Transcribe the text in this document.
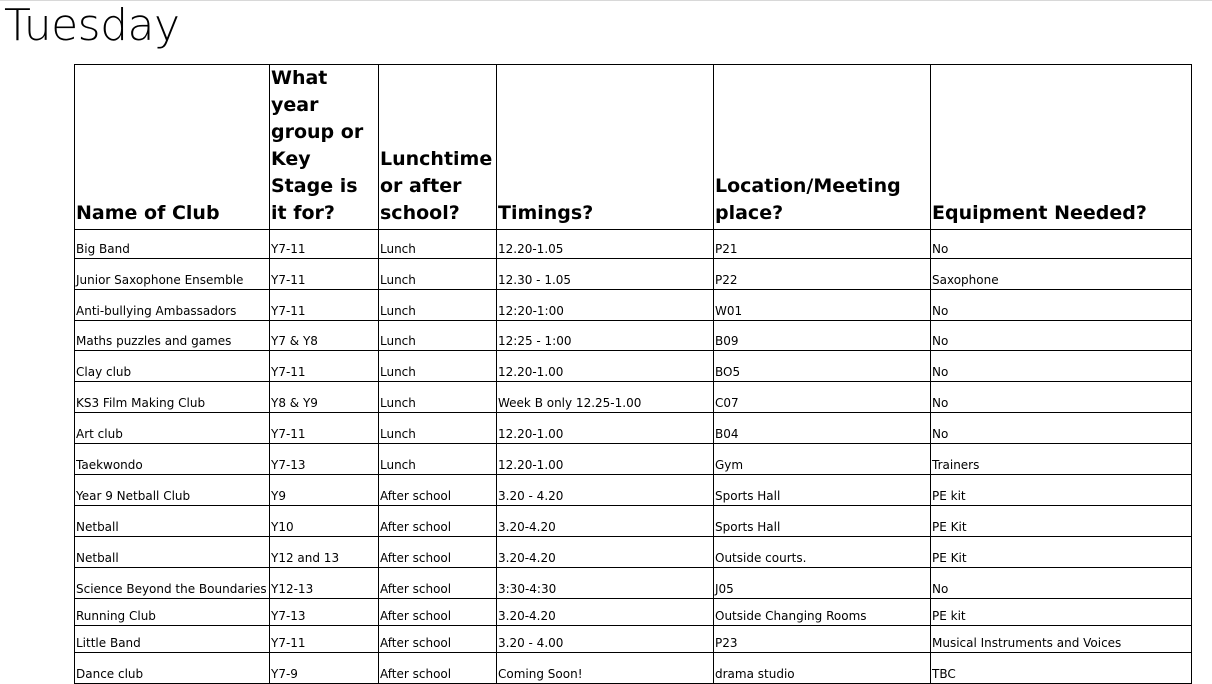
Tuesday
Name of Club	What year group or Key Stage is it for?	Lunchtime or after school?	Timings?	Location/Meeting place?	Equipment Needed?
Big Band	Y7-11	Lunch	12.20-1.05	P21	No
Junior Saxophone Ensemble	Y7-11	Lunch	12.30 - 1.05	P22	Saxophone
Anti-bullying Ambassadors	Y7-11	Lunch	12:20-1:00	W01	No
Maths puzzles and games	Y7 & Y8	Lunch	12:25 - 1:00	B09	No
Clay club	Y7-11	Lunch	12.20-1.00	BO5	No
KS3 Film Making Club	Y8 & Y9	Lunch	Week B only 12.25-1.00	C07	No
Art club	Y7-11	Lunch	12.20-1.00	B04	No
Taekwondo	Y7-13	Lunch	12.20-1.00	Gym	Trainers
Year 9 Netball Club	Y9	After school	3.20 - 4.20	Sports Hall	PE kit
Netball	Y10	After school	3.20-4.20	Sports Hall	PE Kit
Netball	Y12 and 13	After school	3.20-4.20	Outside courts.	PE Kit
Science Beyond the Boundaries	Y12-13	After school	3:30-4:30	J05	No
Running Club	Y7-13	After school	3.20-4.20	Outside Changing Rooms	PE kit
Little Band	Y7-11	After school	3.20 - 4.00	P23	Musical Instruments and Voices
Dance club	Y7-9	After school	Coming Soon!	drama studio	TBC
